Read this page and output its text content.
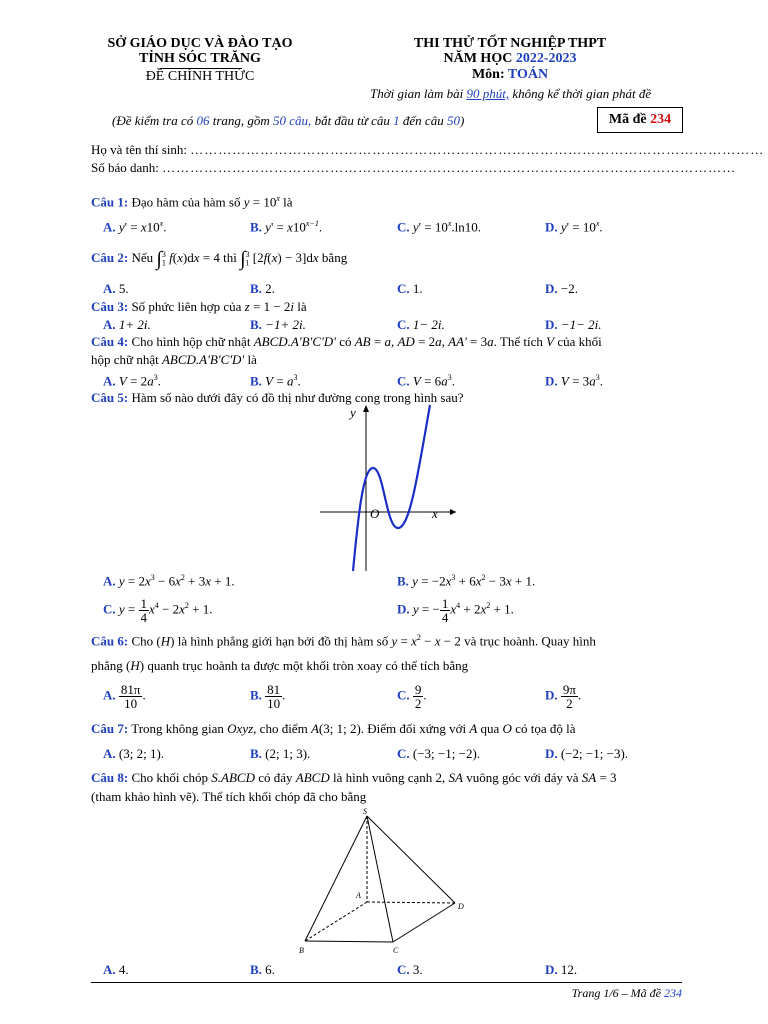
SỞ GIÁO DỤC VÀ ĐÀO TẠO
TỈNH SÓC TRĂNG
ĐỀ CHÍNH THỨC
THI THỬ TỐT NGHIỆP THPT
NĂM HỌC 2022-2023
Môn: TOÁN
Thời gian làm bài 90 phút, không kể thời gian phát đề
(Đề kiểm tra có 06 trang, gồm 50 câu, bắt đầu từ câu 1 đến câu 50)	Mã đề 234
Họ và tên thí sinh: ……………………………………………………………………………………………………………
Số báo danh: ……………………………………………………………………………………………………………
Câu 1: Đạo hàm của hàm số $y = 10^x$ là
A. $y' = x10^x$.	B. $y' = x10^{x-1}$.	C. $y' = 10^x.\ln 10$.	D. $y' = 10^x$.
Câu 2: Nếu $\int_1^3$ f(x)dx = 4 thì $\int_1^3$ [2f(x) − 3]dx bằng
A. 5.	B. 2.	C. 1.	D. −2.
Câu 3: Số phức liên hợp của z = 1 − 2i là
A. 1+ 2i.	B. −1+ 2i.	C. 1− 2i.	D. −1− 2i.
Câu 4: Cho hình hộp chữ nhật ABCD.A'B'C'D' có AB = a, AD = 2a, AA' = 3a. Thể tích V của khối
hộp chữ nhật ABCD.A'B'C'D' là
A. $V = 2a^3$.	B. $V = a^3$.	C. $V = 6a^3$.	D. $V = 3a^3$.
Câu 5: Hàm số nào dưới đây có đồ thị như đường cong trong hình sau?
y
x
O
A. $y = 2x^3 - 6x^2 + 3x + 1$.	B. $y = -2x^3 + 6x^2 - 3x + 1$.
C. $y = \frac{1}{4} x^4 - 2x^2 + 1$.	D. y = − $\frac{1}{4} x^4 + 2x^2 + 1$.
Câu 6: Cho (H) là hình phẳng giới hạn bởi đồ thị hàm số $y = x^2 - x - 2$ và trục hoành. Quay hình
phẳng (H) quanh trục hoành ta được một khối tròn xoay có thể tích bằng
A. $\frac{81\pi}{10}$ .	B. $\frac{81}{10}$ .	C. $\frac{9}{2}$ .	D. $\frac{9\pi}{2}$ .
Câu 7: Trong không gian Oxyz, cho điểm A(3; 1; 2). Điểm đối xứng với A qua O có tọa độ là
A. (3; 2; 1).	B. (2; 1; 3).	C. (−3; −1; −2).	D. (−2; −1; −3).
Câu 8: Cho khối chóp S.ABCD có đáy ABCD là hình vuông cạnh 2, SA vuông góc với đáy và SA = 3
(tham khảo hình vẽ). Thể tích khối chóp đã cho bằng
S
A
B	C
D
A. 4.	B. 6.	C. 3.	D. 12.
Trang 1/6 – Mã đề 234
